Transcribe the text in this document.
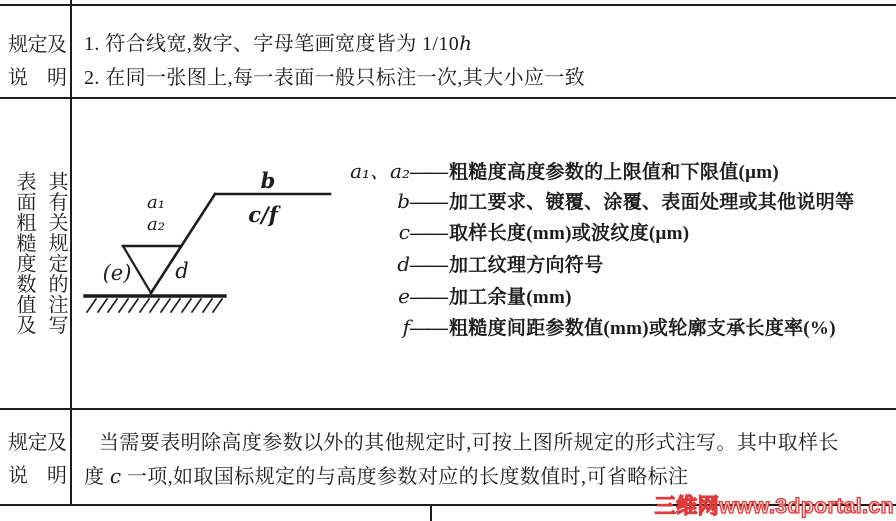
规定及
说　明
1. 符合线宽,数字、字母笔画宽度皆为 1/10h
2. 在同一张图上,每一表面一般只标注一次,其大小应一致
表面粗糙度数值及 其有关规定的注写	a₁
a₂
b
c/f
d
(e)
a₁、a₂ —— 粗糙度高度参数的上限值和下限值(μm)
b —— 加工要求、镀覆、涂覆、表面处理或其他说明等
c —— 取样长度(mm)或波纹度(μm)
d —— 加工纹理方向符号
e —— 加工余量(mm)
f —— 粗糙度间距参数值(mm)或轮廓支承长度率(%)
规定及
说　明
当需要表明除高度参数以外的其他规定时,可按上图所规定的形式注写。其中取样长
度 c 一项,如取国标规定的与高度参数对应的长度数值时,可省略标注
三维网www.3dportal.cn
